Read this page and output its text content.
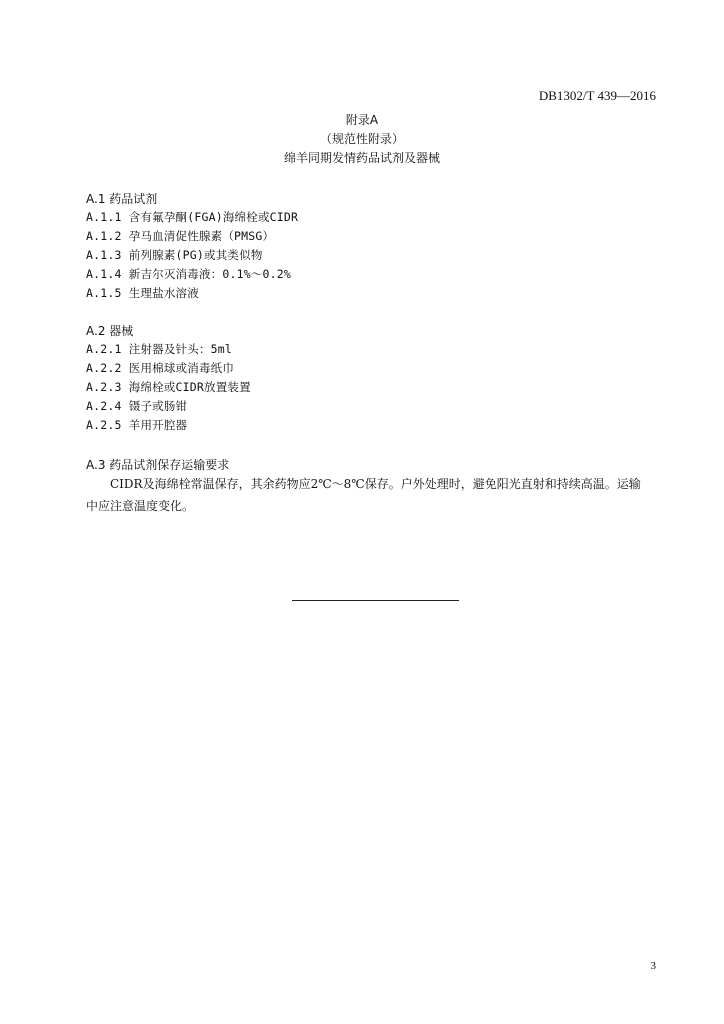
DB1302/T 439—2016
附录A
（规范性附录）
绵羊同期发情药品试剂及器械
A.1 药品试剂
A.1.1 含有氟孕酮(FGA)海绵栓或CIDR
A.1.2 孕马血清促性腺素（PMSG）
A.1.3 前列腺素(PG)或其类似物
A.1.4 新吉尔灭消毒液：0.1%～0.2%
A.1.5 生理盐水溶液
A.2 器械
A.2.1 注射器及针头：5ml
A.2.2 医用棉球或消毒纸巾
A.2.3 海绵栓或CIDR放置装置
A.2.4 镊子或肠钳
A.2.5 羊用开腔器
A.3 药品试剂保存运输要求
CIDR及海绵栓常温保存，其余药物应2℃～8℃保存。户外处理时，避免阳光直射和持续高温。运输中应注意温度变化。
3
